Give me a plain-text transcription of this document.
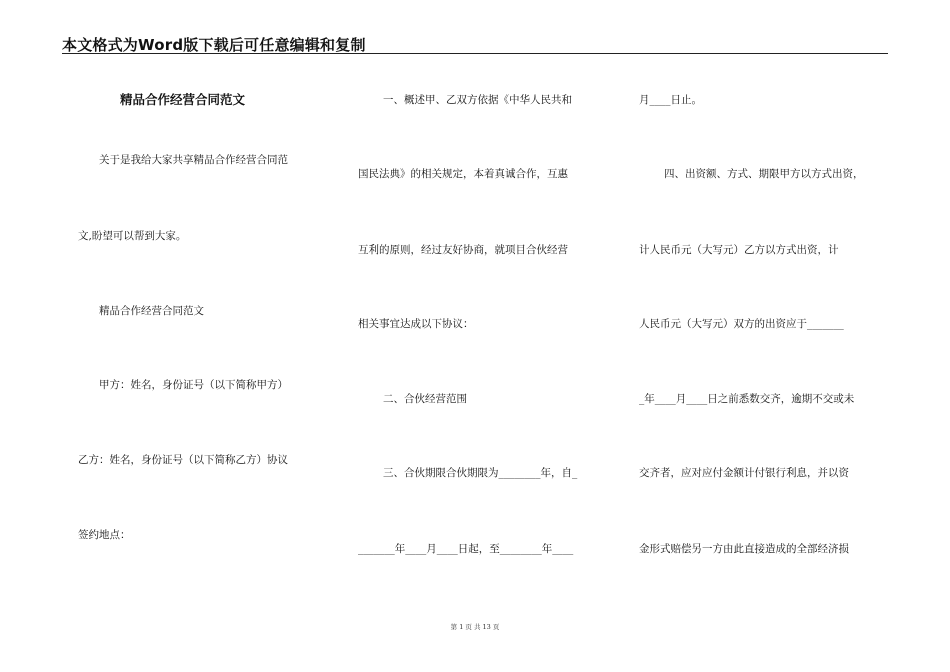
本文格式为Word版下载后可任意编辑和复制
精品合作经营合同范文
关于是我给大家共享精品合作经营合同范
文,盼望可以帮到大家。
精品合作经营合同范文
甲方：姓名，身份证号（以下简称甲方）
乙方：姓名，身份证号（以下简称乙方）协议
签约地点：
一、概述甲、乙双方依据《中华人民共和
国民法典》的相关规定，本着真诚合作，互惠
互利的原则，经过友好协商，就项目合伙经营
相关事宜达成以下协议：
二、合伙经营范围
三、合伙期限合伙期限为________年，自_
_______年____月____日起，至________年____
月____日止。
四、出资额、方式、期限甲方以方式出资，
计人民币元（大写元）乙方以方式出资，计
人民币元（大写元）双方的出资应于_______
_年____月____日之前悉数交齐，逾期不交或未
交齐者，应对应付金额计付银行利息，并以资
金形式赔偿另一方由此直接造成的全部经济损
第 1 页 共 13 页
